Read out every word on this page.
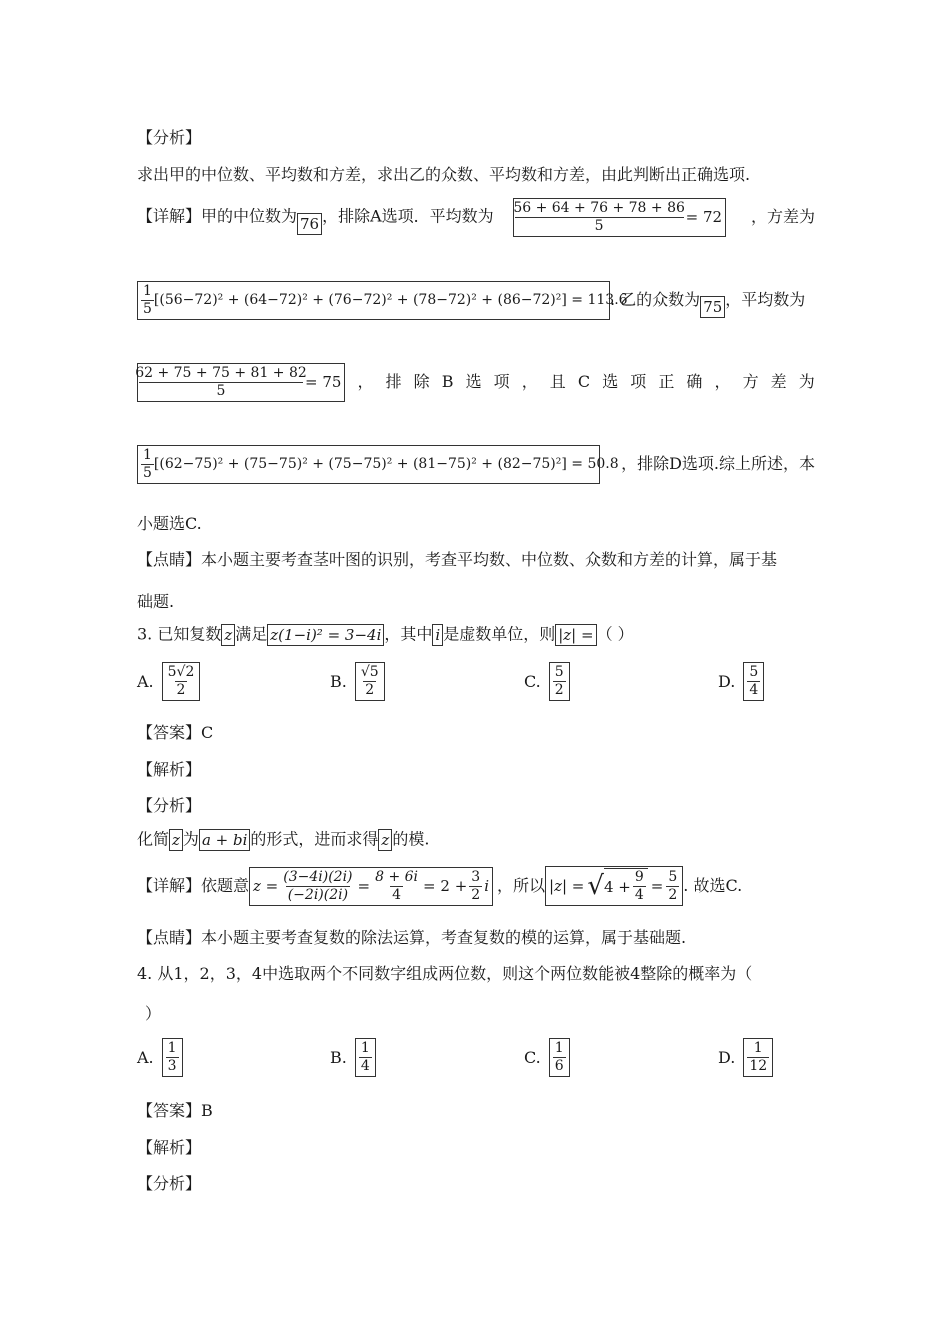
【分析】
求出甲的中位数、平均数和方差，求出乙的众数、平均数和方差，由此判断出正确选项.
【详解】甲的中位数为 76 ，排除A选项．平均数为	$\frac{56 + 64 + 76 + 78 + 86}{5} = 72$ ，方差为
$\frac{1}{5} [(56-72)^2 + (64-72)^2 + (76-72)^2 + (78-72)^2 + (86-72)^2] = 113.6$
. 乙的众数为 75 ，平均数为
$\frac{62 + 75 + 75 + 81 + 82}{5} = 75$ ， 排 除 B 选 项 ， 且 C 选 项 正 确 ， 方 差 为
$\frac{1}{5} [(62-75)^2 + (75-75)^2 + (75-75)^2 + (81-75)^2 + (82-75)^2] = 50.8$ ，排除D选项.综上所述，本
小题选C.
【点睛】本小题主要考查茎叶图的识别，考查平均数、中位数、众数和方差的计算，属于基
础题.
3. 已知复数 z 满足 z(1−i)² = 3−4i ，其中 i 是虚数单位，则 |z| = （ ）
A. $\frac{5√2}{2}$	B. $\frac{√5}{2}$	C. $\frac{5}{2}$	D. $\frac{5}{4}$
【答案】C
【解析】
【分析】
化简 z 为 a + bi 的形式，进而求得 z 的模.
【详解】依题意 $z = \frac{(3-4i)(2i)}{(-2i)(2i)} = \frac{8 + 6i}{4} = 2 + \frac{3}{2}$ i ，所以 |z| = √ $4 + \frac{9}{4} = \frac{5}{2}$ . 故选C.
【点睛】本小题主要考查复数的除法运算，考查复数的模的运算，属于基础题.
4. 从1，2，3，4中选取两个不同数字组成两位数，则这个两位数能被4整除的概率为（
）
A. $\frac{1}{3}$	B. $\frac{1}{4}$	C. $\frac{1}{6}$	D. $\frac{1}{12}$
【答案】B
【解析】
【分析】
